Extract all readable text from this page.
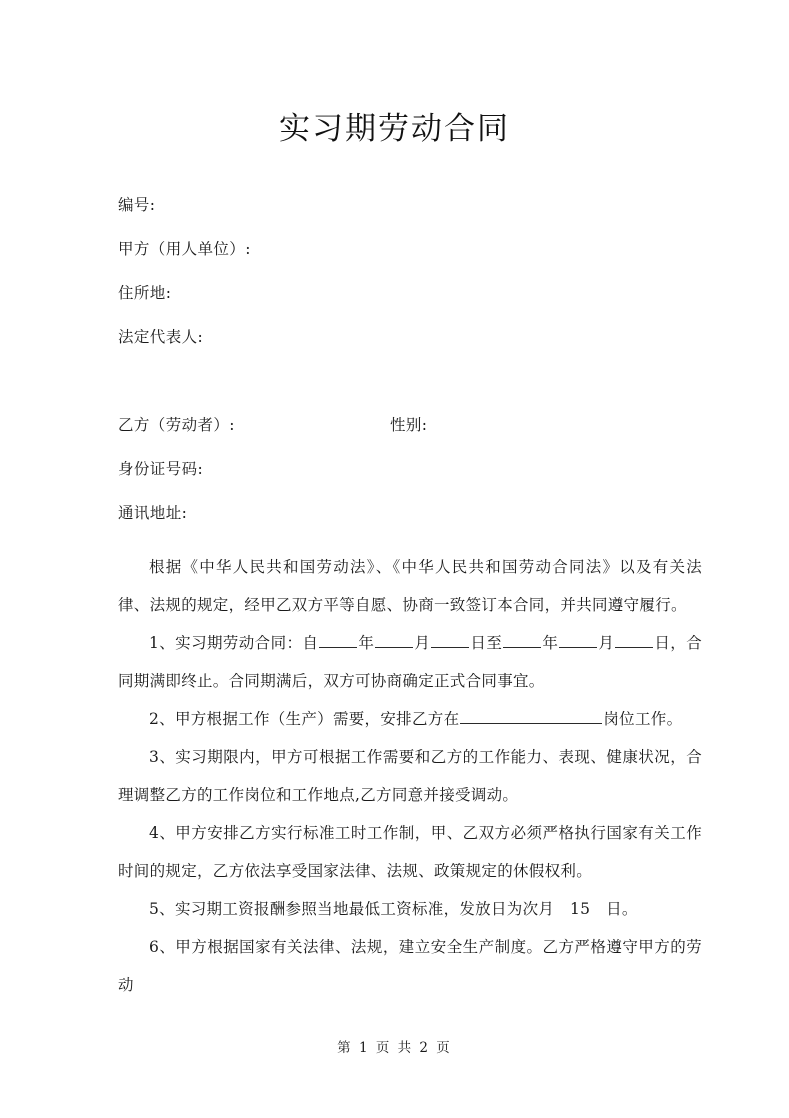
实习期劳动合同
编号:
甲方（用人单位）:
住所地:
法定代表人:
乙方（劳动者）:	性别:
身份证号码:
通讯地址:

根据《中华人民共和国劳动法》、《中华人民共和国劳动合同法》以及有关法律、法规的规定，经甲乙双方平等自愿、协商一致签订本合同，并共同遵守履行。

1、实习期劳动合同：自	年	月	日至	年	月	日，合同期满即终止。合同期满后，双方可协商确定正式合同事宜。

2、甲方根据工作（生产）需要，安排乙方在	岗位工作。

3、实习期限内，甲方可根据工作需要和乙方的工作能力、表现、健康状况，合理调整乙方的工作岗位和工作地点,乙方同意并接受调动。

4、甲方安排乙方实行标准工时工作制，甲、乙双方必须严格执行国家有关工作时间的规定，乙方依法享受国家法律、法规、政策规定的休假权利。

5、实习期工资报酬参照当地最低工资标准，发放日为次月　15　日。

6、甲方根据国家有关法律、法规，建立安全生产制度。乙方严格遵守甲方的劳动

第 1 页 共 2 页
